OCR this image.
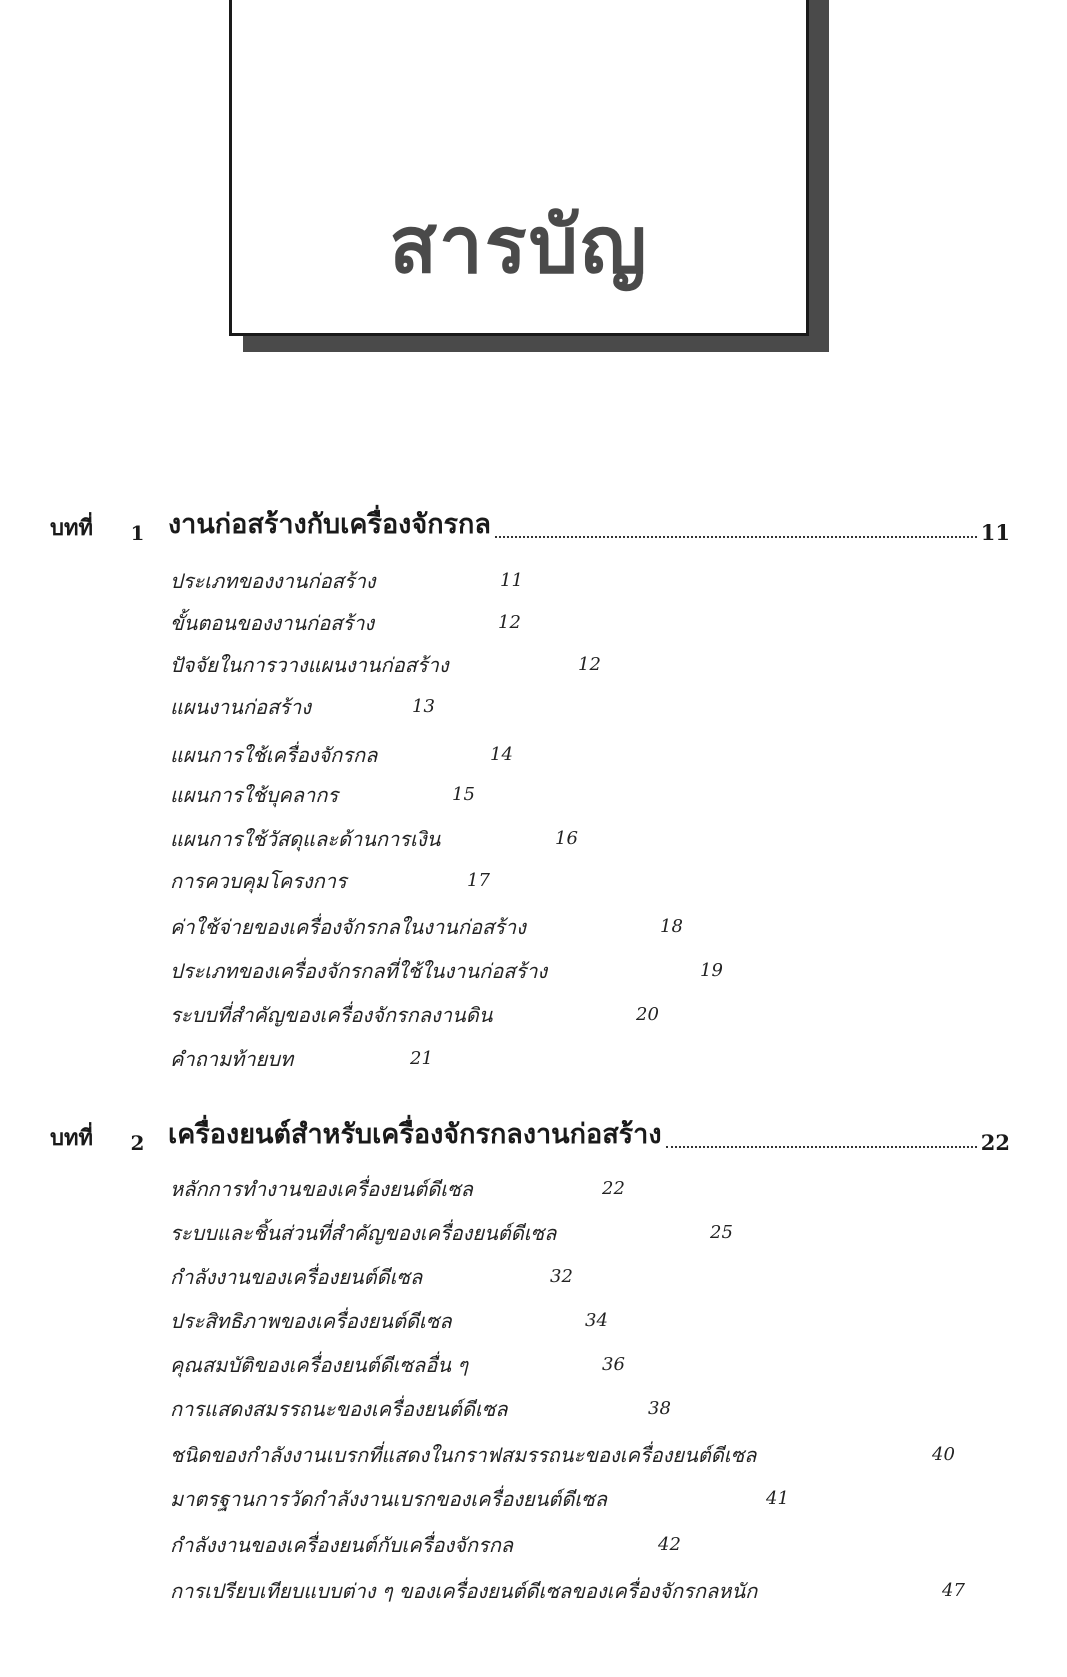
สารบัญ
บทที่	1 งานก่อสร้างกับเครื่องจักรกล	11
ประเภทของงานก่อสร้าง	11
ขั้นตอนของงานก่อสร้าง	12
ปัจจัยในการวางแผนงานก่อสร้าง	12
แผนงานก่อสร้าง	13
แผนการใช้เครื่องจักรกล	14
แผนการใช้บุคลากร	15
แผนการใช้วัสดุและด้านการเงิน	16
การควบคุมโครงการ	17
ค่าใช้จ่ายของเครื่องจักรกลในงานก่อสร้าง	18
ประเภทของเครื่องจักรกลที่ใช้ในงานก่อสร้าง	19
ระบบที่สำคัญของเครื่องจักรกลงานดิน	20
คำถามท้ายบท	21
บทที่	2 เครื่องยนต์สำหรับเครื่องจักรกลงานก่อสร้าง	22
หลักการทำงานของเครื่องยนต์ดีเซล	22
ระบบและชิ้นส่วนที่สำคัญของเครื่องยนต์ดีเซล	25
กำลังงานของเครื่องยนต์ดีเซล	32
ประสิทธิภาพของเครื่องยนต์ดีเซล	34
คุณสมบัติของเครื่องยนต์ดีเซลอื่น ๆ	36
การแสดงสมรรถนะของเครื่องยนต์ดีเซล	38
ชนิดของกำลังงานเบรกที่แสดงในกราฟสมรรถนะของเครื่องยนต์ดีเซล	40
มาตรฐานการวัดกำลังงานเบรกของเครื่องยนต์ดีเซล	41
กำลังงานของเครื่องยนต์กับเครื่องจักรกล	42
การเปรียบเทียบแบบต่าง ๆ ของเครื่องยนต์ดีเซลของเครื่องจักรกลหนัก	47
